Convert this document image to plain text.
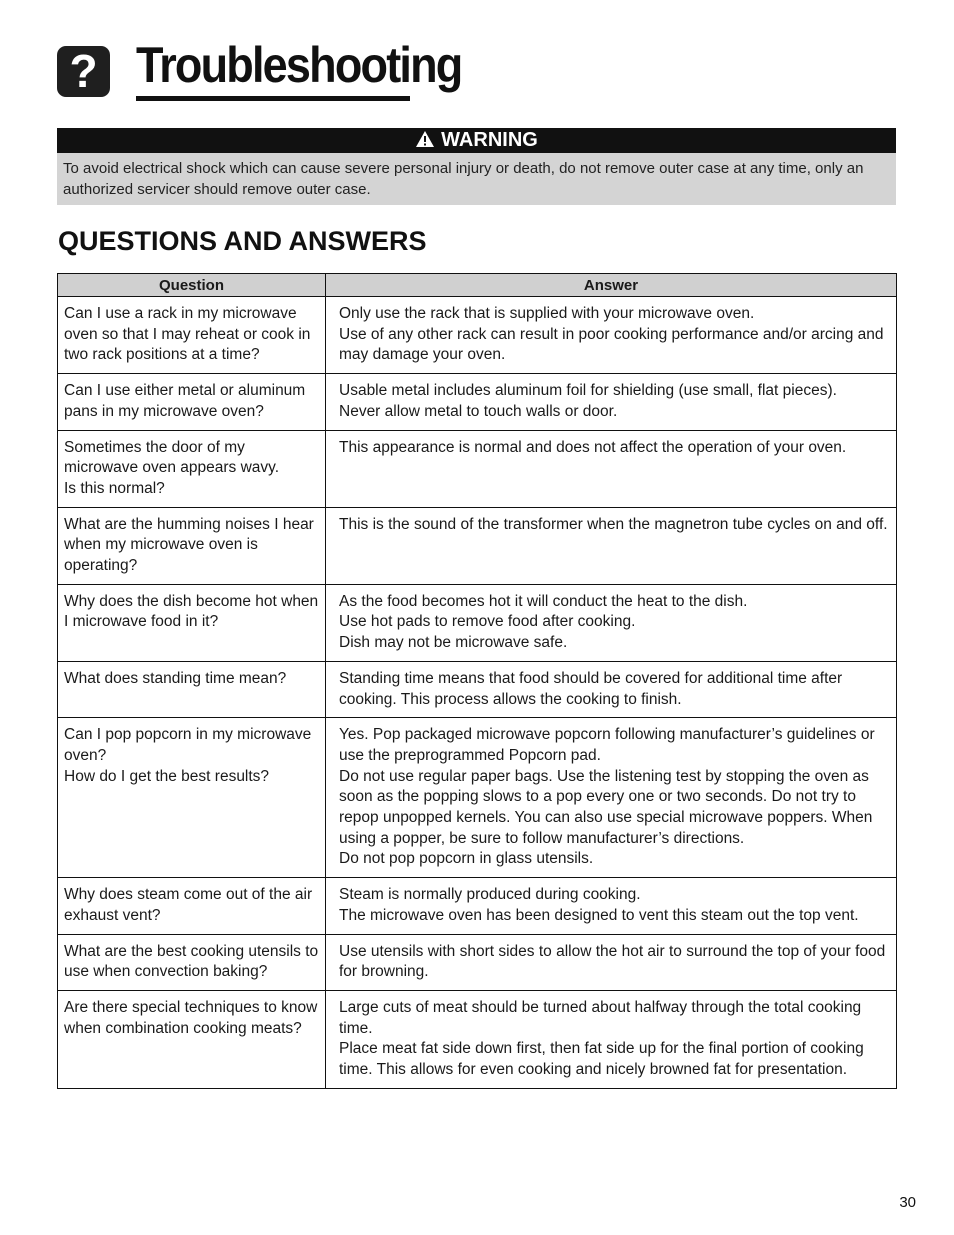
? Troubleshooting
WARNING
To avoid electrical shock which can cause severe personal injury or death, do not remove outer case at any time, only an authorized servicer should remove outer case.
QUESTIONS AND ANSWERS
Question	Answer

Can I use a rack in my microwave oven so that I may reheat or cook in two rack positions at a time?	Only use the rack that is supplied with your microwave oven.
Use of any other rack can result in poor cooking performance and/or arcing and may damage your oven.

Can I use either metal or aluminum pans in my microwave oven?	Usable metal includes aluminum foil for shielding (use small, flat pieces).
Never allow metal to touch walls or door.

Sometimes the door of my microwave oven appears wavy.
Is this normal?	This appearance is normal and does not affect the operation of your oven.

What are the humming noises I hear when my microwave oven is operating?	This is the sound of the transformer when the magnetron tube cycles on and off.

Why does the dish become hot when I microwave food in it?	As the food becomes hot it will conduct the heat to the dish.
Use hot pads to remove food after cooking.
Dish may not be microwave safe.

What does standing time mean?	Standing time means that food should be covered for additional time after cooking. This process allows the cooking to finish.

Can I pop popcorn in my microwave oven?
How do I get the best results?	Yes. Pop packaged microwave popcorn following manufacturer’s guidelines or use the preprogrammed Popcorn pad.
Do not use regular paper bags. Use the listening test by stopping the oven as soon as the popping slows to a pop every one or two seconds. Do not try to repop unpopped kernels. You can also use special microwave poppers. When using a popper, be sure to follow manufacturer’s directions.
Do not pop popcorn in glass utensils.

Why does steam come out of the air exhaust vent?	Steam is normally produced during cooking.
The microwave oven has been designed to vent this steam out the top vent.

What are the best cooking utensils to use when convection baking?	Use utensils with short sides to allow the hot air to surround the top of your food for browning.

Are there special techniques to know when combination cooking meats?	Large cuts of meat should be turned about halfway through the total cooking time.
Place meat fat side down first, then fat side up for the final portion of cooking time. This allows for even cooking and nicely browned fat for presentation.
30
